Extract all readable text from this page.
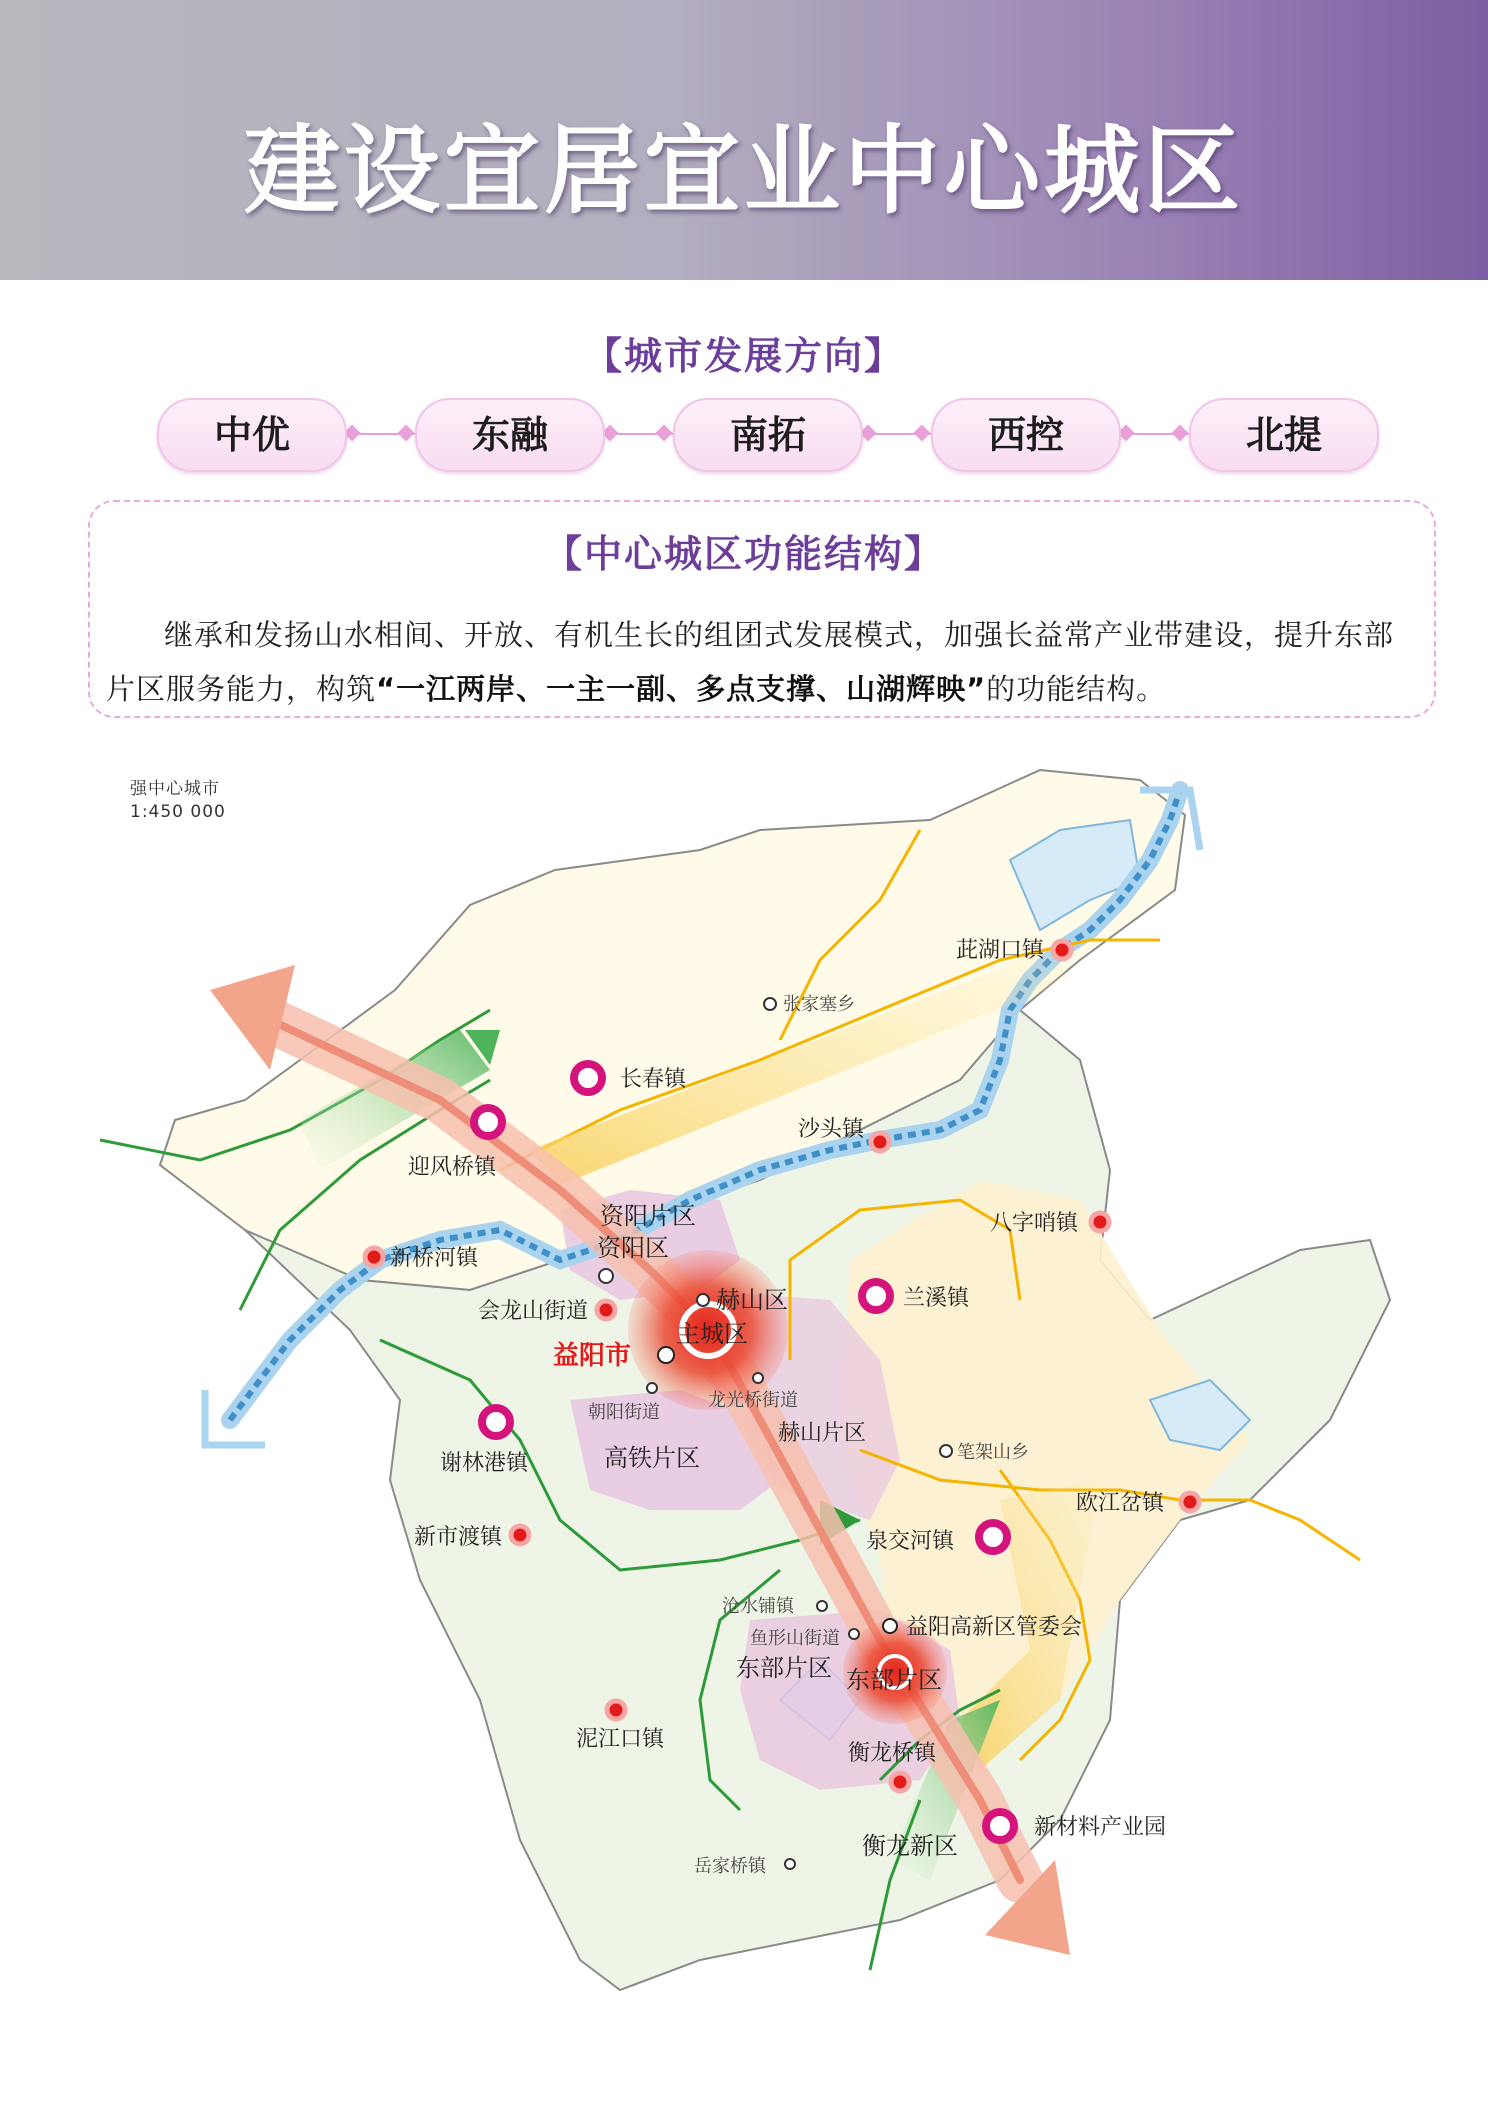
建设宜居宜业中心城区
【城市发展方向】
中优	东融	南拓	西控	北提
【中心城区功能结构】
继承和发扬山水相间、开放、有机生长的组团式发展模式，加强长益常产业带建设，提升东部片区服务能力，构筑“一江两岸、一主一副、多点支撑、山湖辉映”的功能结构。
强中心城市
1:450 000
茈湖口镇
张家塞乡
长春镇
迎风桥镇
沙头镇
八字哨镇
资阳片区
资阳区
新桥河镇
兰溪镇
赫山区
会龙山街道
主城区
益阳市
龙光桥街道
朝阳街道
赫山片区
谢林港镇	高铁片区	笔架山乡
欧江岔镇
新市渡镇	泉交河镇
沧水铺镇
益阳高新区管委会
鱼形山街道
东部片区 东部片区
泥江口镇
衡龙桥镇
新材料产业园
衡龙新区
岳家桥镇
